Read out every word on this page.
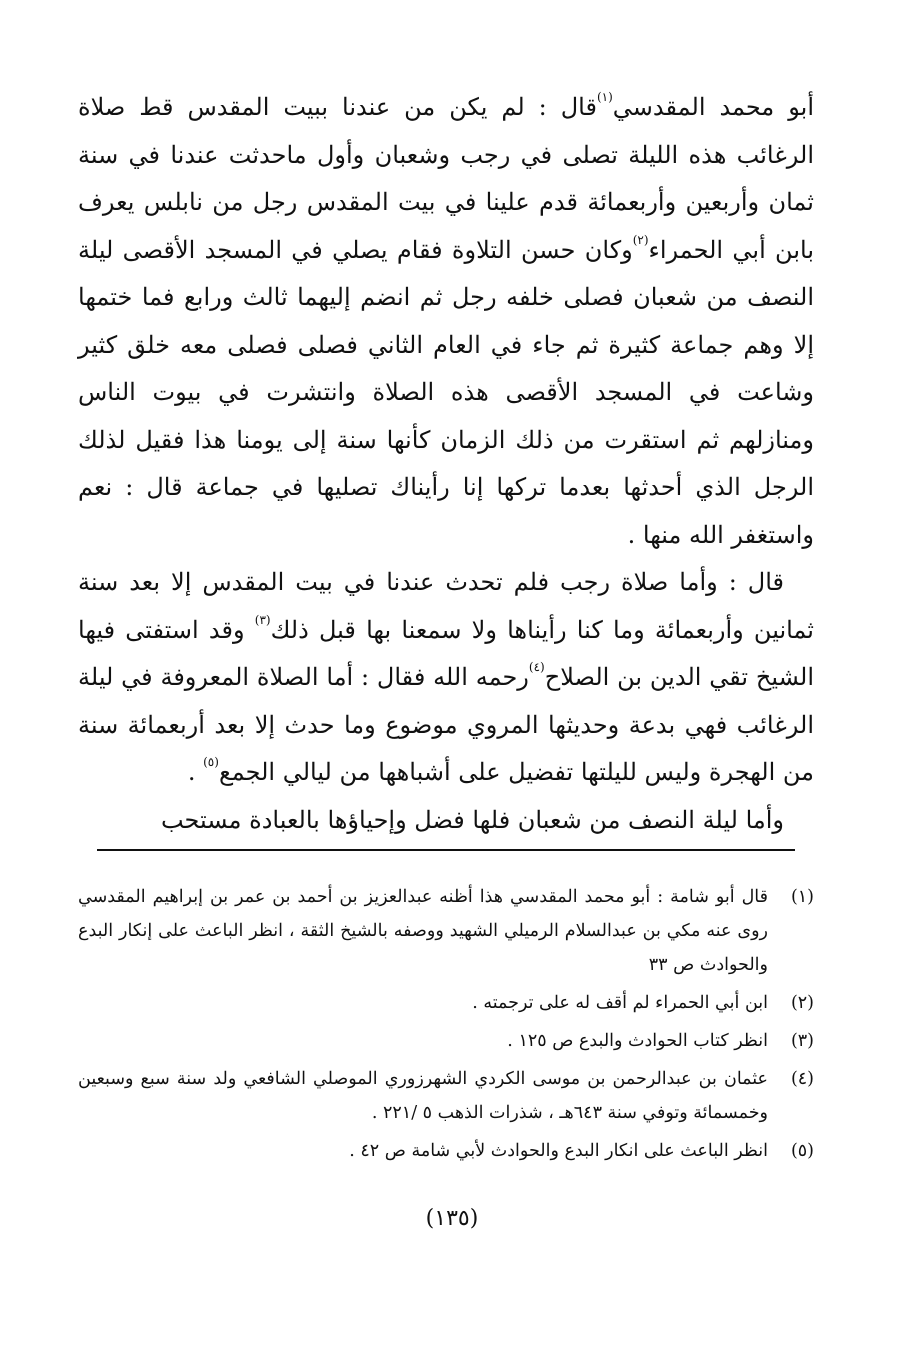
أبو محمد المقدسي$^{(١)}$قال : لم يكن من عندنا ببيت المقدس قط صلاة الرغائب هذه الليلة تصلى في رجب وشعبان وأول ماحدثت عندنا في سنة ثمان وأربعين وأربعمائة قدم علينا في بيت المقدس رجل من نابلس يعرف بابن أبي الحمراء$^{(٢)}$وكان حسن التلاوة فقام يصلي في المسجد الأقصى ليلة النصف من شعبان فصلى خلفه رجل ثم انضم إليهما ثالث ورابع فما ختمها إلا وهم جماعة كثيرة ثم جاء في العام الثاني فصلى فصلى معه خلق كثير وشاعت في المسجد الأقصى هذه الصلاة وانتشرت في بيوت الناس ومنازلهم ثم استقرت من ذلك الزمان كأنها سنة إلى يومنا هذا فقيل لذلك الرجل الذي أحدثها بعدما تركها إنا رأيناك تصليها في جماعة قال : نعم واستغفر الله منها .

قال : وأما صلاة رجب فلم تحدث عندنا في بيت المقدس إلا بعد سنة ثمانين وأربعمائة وما كنا رأيناها ولا سمعنا بها قبل ذلك$^{(٣)}$ وقد استفتى فيها الشيخ تقي الدين بن الصلاح$^{(٤)}$رحمه الله فقال : أما الصلاة المعروفة في ليلة الرغائب فهي بدعة وحديثها المروي موضوع وما حدث إلا بعد أربعمائة سنة من الهجرة وليس لليلتها تفضيل على أشباهها من ليالي الجمع$^{(٥)}$ .

وأما ليلة النصف من شعبان فلها فضل وإحياؤها بالعبادة مستحب

(١)
قال أبو شامة : أبو محمد المقدسي هذا أظنه عبدالعزيز بن أحمد بن عمر بن إبراهيم المقدسي روى عنه مكي بن عبدالسلام الرميلي الشهيد ووصفه بالشيخ الثقة ، انظر الباعث على إنكار البدع والحوادث ص ٣٣
(٢)
ابن أبي الحمراء لم أقف له على ترجمته .
(٣)
انظر كتاب الحوادث والبدع ص ١٢٥ .
(٤)
عثمان بن عبدالرحمن بن موسى الكردي الشهرزوري الموصلي الشافعي ولد سنة سبع وسبعين وخمسمائة وتوفي سنة ٦٤٣هـ ، شذرات الذهب ٥ /٢٢١ .
(٥)
انظر الباعث على انكار البدع والحوادث لأبي شامة ص ٤٢ .
(١٣٥)
